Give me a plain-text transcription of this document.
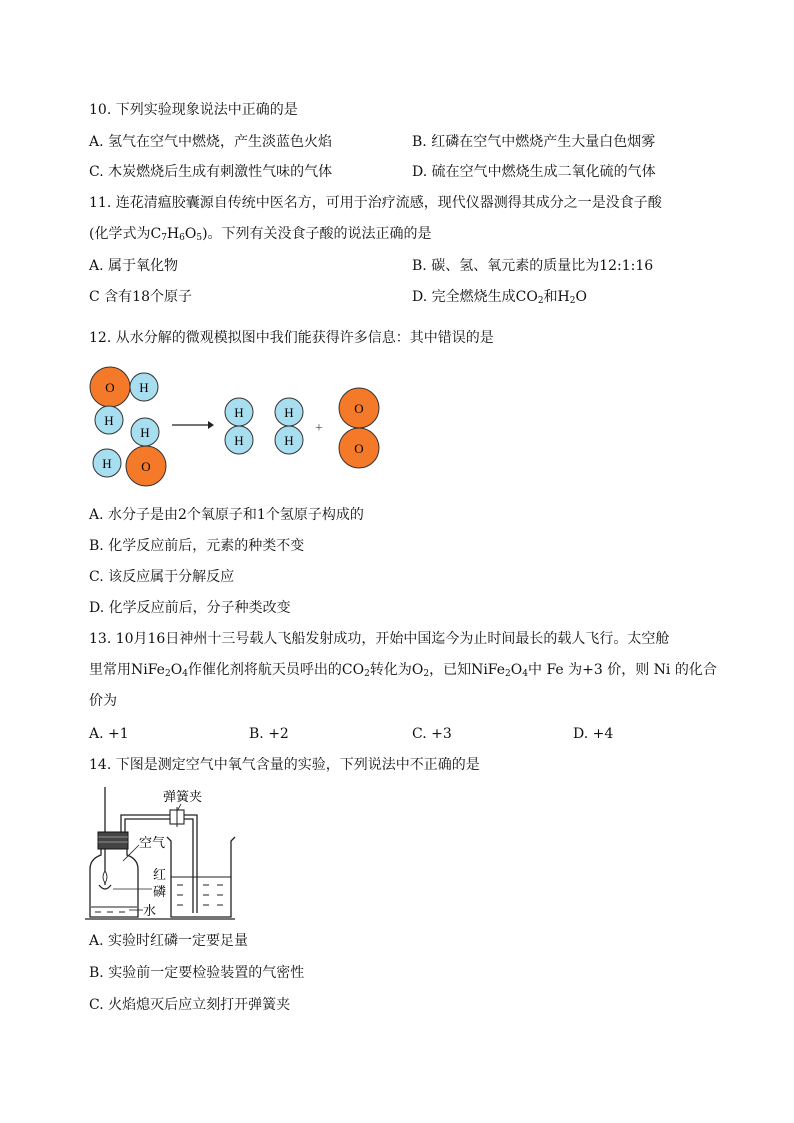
10. 下列实验现象说法中正确的是
A. 氢气在空气中燃烧，产生淡蓝色火焰	B. 红磷在空气中燃烧产生大量白色烟雾
C. 木炭燃烧后生成有刺激性气味的气体	D. 硫在空气中燃烧生成二氧化硫的气体
11. 连花清瘟胶囊源自传统中医名方，可用于治疗流感，现代仪器测得其成分之一是没食子酸
(化学式为$C_7H_6O_5$)。下列有关没食子酸的说法正确的是
A. 属于氧化物	B. 碳、氢、氧元素的质量比为12:1:16
C 含有18个原子	D. 完全燃烧生成$CO_2$和$H_2O$
12. 从水分解的微观模拟图中我们能获得许多信息：其中错误的是
O H
H
H
O
H
H
H
H
H
+
O
O
A. 水分子是由2个氧原子和1个氢原子构成的
B. 化学反应前后，元素的种类不变
C. 该反应属于分解反应
D. 化学反应前后，分子种类改变
13. 10月16日神州十三号载人飞船发射成功，开始中国迄今为止时间最长的载人飞行。太空舱
里常用$NiFe_2O_4$作催化剂将航天员呼出的$CO_2$转化为$O_2$，已知$NiFe_2O_4$中 Fe 为+3 价，则 Ni 的化合
价为
A. +1	B. +2	C. +3	D. +4
14. 下图是测定空气中氧气含量的实验，下列说法中不正确的是
弹簧夹
空气
红
磷
水
A. 实验时红磷一定要足量
B. 实验前一定要检验装置的气密性
C. 火焰熄灭后应立刻打开弹簧夹
